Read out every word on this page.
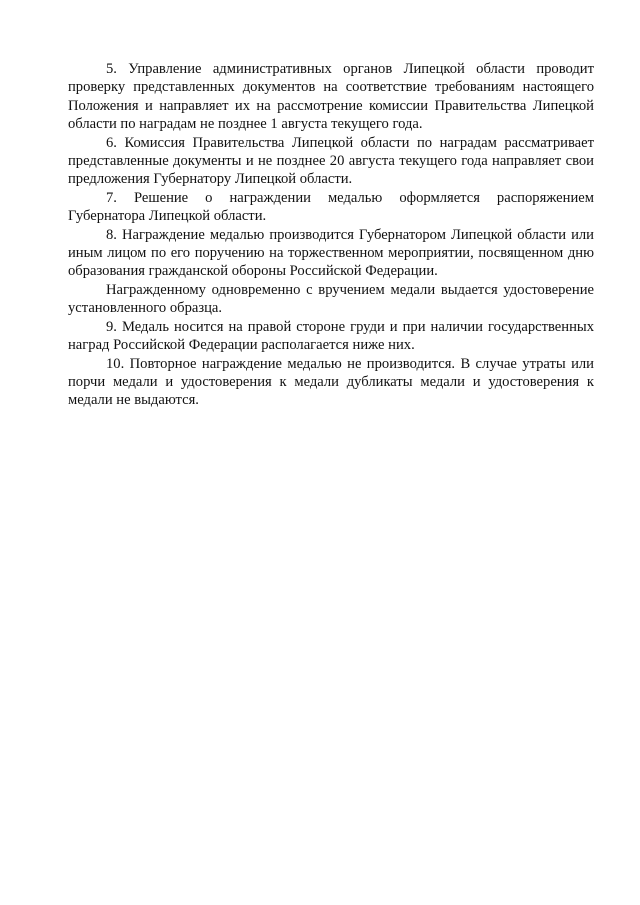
5. Управление административных органов Липецкой области проводит проверку представленных документов на соответствие требованиям настоящего Положения и направляет их на рассмотрение комиссии Правительства Липецкой области по наградам не позднее 1 августа текущего года.

6. Комиссия Правительства Липецкой области по наградам рассматривает представленные документы и не позднее 20 августа текущего года направляет свои предложения Губернатору Липецкой области.

7. Решение о награждении медалью оформляется распоряжением Губернатора Липецкой области.

8. Награждение медалью производится Губернатором Липецкой области или иным лицом по его поручению на торжественном мероприятии, посвященном дню образования гражданской обороны Российской Федерации.

Награжденному одновременно с вручением медали выдается удостоверение установленного образца.

9. Медаль носится на правой стороне груди и при наличии государственных наград Российской Федерации располагается ниже них.

10. Повторное награждение медалью не производится. В случае утраты или порчи медали и удостоверения к медали дубликаты медали и удостоверения к медали не выдаются.
